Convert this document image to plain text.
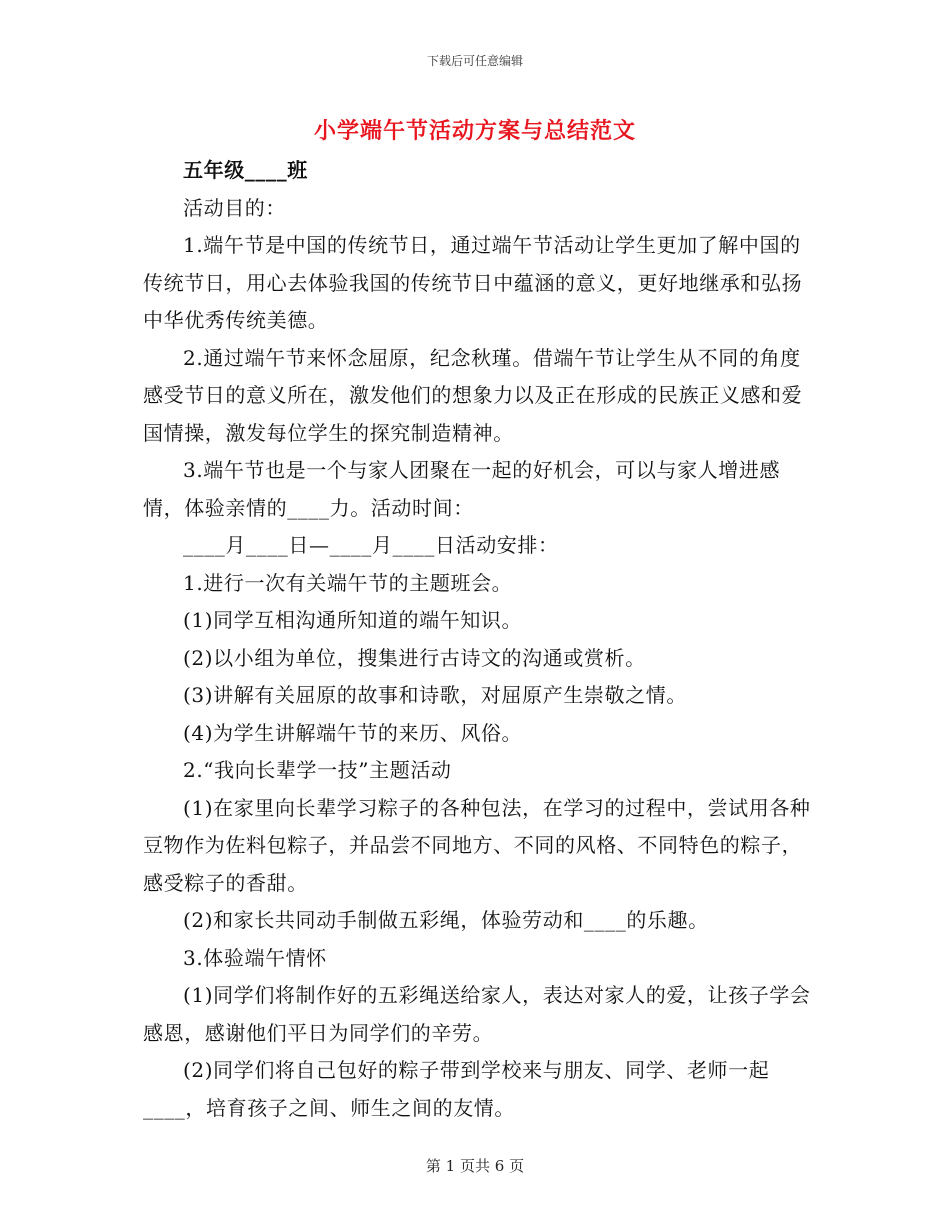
下载后可任意编辑
小学端午节活动方案与总结范文

五年级____班

活动目的：

1.端午节是中国的传统节日，通过端午节活动让学生更加了解中国的传统节日，用心去体验我国的传统节日中蕴涵的意义，更好地继承和弘扬中华优秀传统美德。

2.通过端午节来怀念屈原，纪念秋瑾。借端午节让学生从不同的角度感受节日的意义所在，激发他们的想象力以及正在形成的民族正义感和爱国情操，激发每位学生的探究制造精神。

3.端午节也是一个与家人团聚在一起的好机会，可以与家人增进感情，体验亲情的____力。活动时间：

____月____日—____月____日活动安排：

1.进行一次有关端午节的主题班会。

(1)同学互相沟通所知道的端午知识。

(2)以小组为单位，搜集进行古诗文的沟通或赏析。

(3)讲解有关屈原的故事和诗歌，对屈原产生崇敬之情。

(4)为学生讲解端午节的来历、风俗。

2.“我向长辈学一技”主题活动

(1)在家里向长辈学习粽子的各种包法，在学习的过程中，尝试用各种豆物作为佐料包粽子，并品尝不同地方、不同的风格、不同特色的粽子，感受粽子的香甜。

(2)和家长共同动手制做五彩绳，体验劳动和____的乐趣。

3.体验端午情怀

(1)同学们将制作好的五彩绳送给家人，表达对家人的爱，让孩子学会感恩，感谢他们平日为同学们的辛劳。

(2)同学们将自己包好的粽子带到学校来与朋友、同学、老师一起____，培育孩子之间、师生之间的友情。

第 1 页共 6 页
